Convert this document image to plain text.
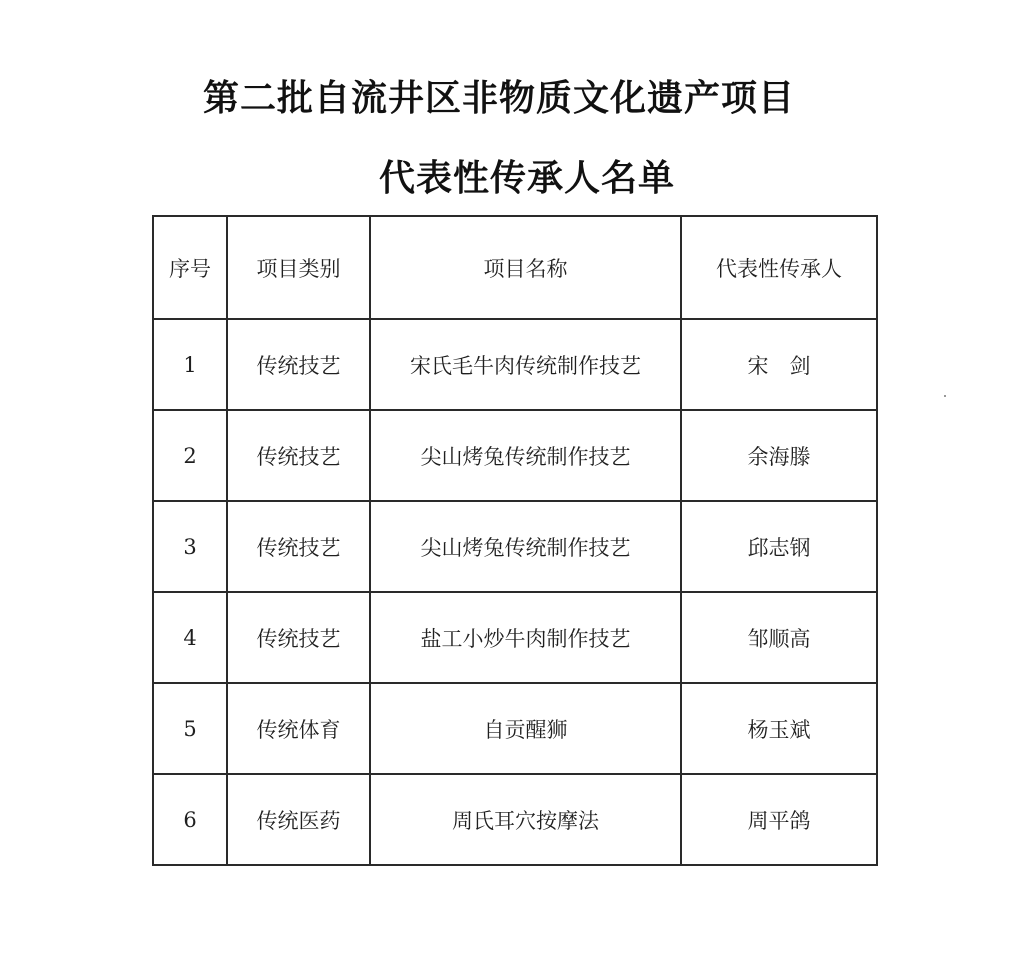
第二批自流井区非物质文化遗产项目
代表性传承人名单
序号	项目类别	项目名称	代表性传承人
1	传统技艺	宋氏毛牛肉传统制作技艺	宋　剑
2	传统技艺	尖山烤兔传统制作技艺	余海滕
3	传统技艺	尖山烤兔传统制作技艺	邱志钢
4	传统技艺	盐工小炒牛肉制作技艺	邹顺高
5	传统体育	自贡醒狮	杨玉斌
6	传统医药	周氏耳穴按摩法	周平鸽
